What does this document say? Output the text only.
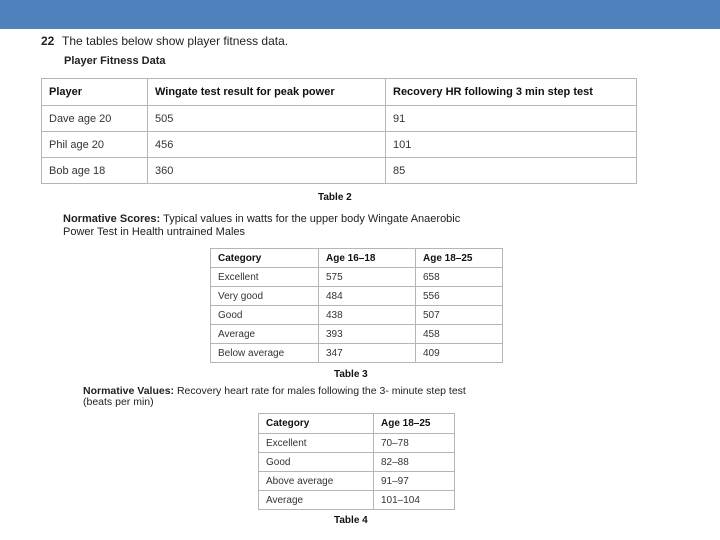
22 The tables below show player fitness data.
Player Fitness Data
Player	Wingate test result for peak power	Recovery HR following 3 min step test
Dave age 20	505	91
Phil age 20	456	101
Bob age 18	360	85
Table 2
Normative Scores: Typical values in watts for the upper body Wingate Anaerobic
Power Test in Health untrained Males
Category	Age 16–18	Age 18–25
Excellent	575	658
Very good	484	556
Good	438	507
Average	393	458
Below average	347	409
Table 3
Normative Values: Recovery heart rate for males following the 3- minute step test
(beats per min)
Category	Age 18–25
Excellent	70–78
Good	82–88
Above average	91–97
Average	101–104
Table 4
